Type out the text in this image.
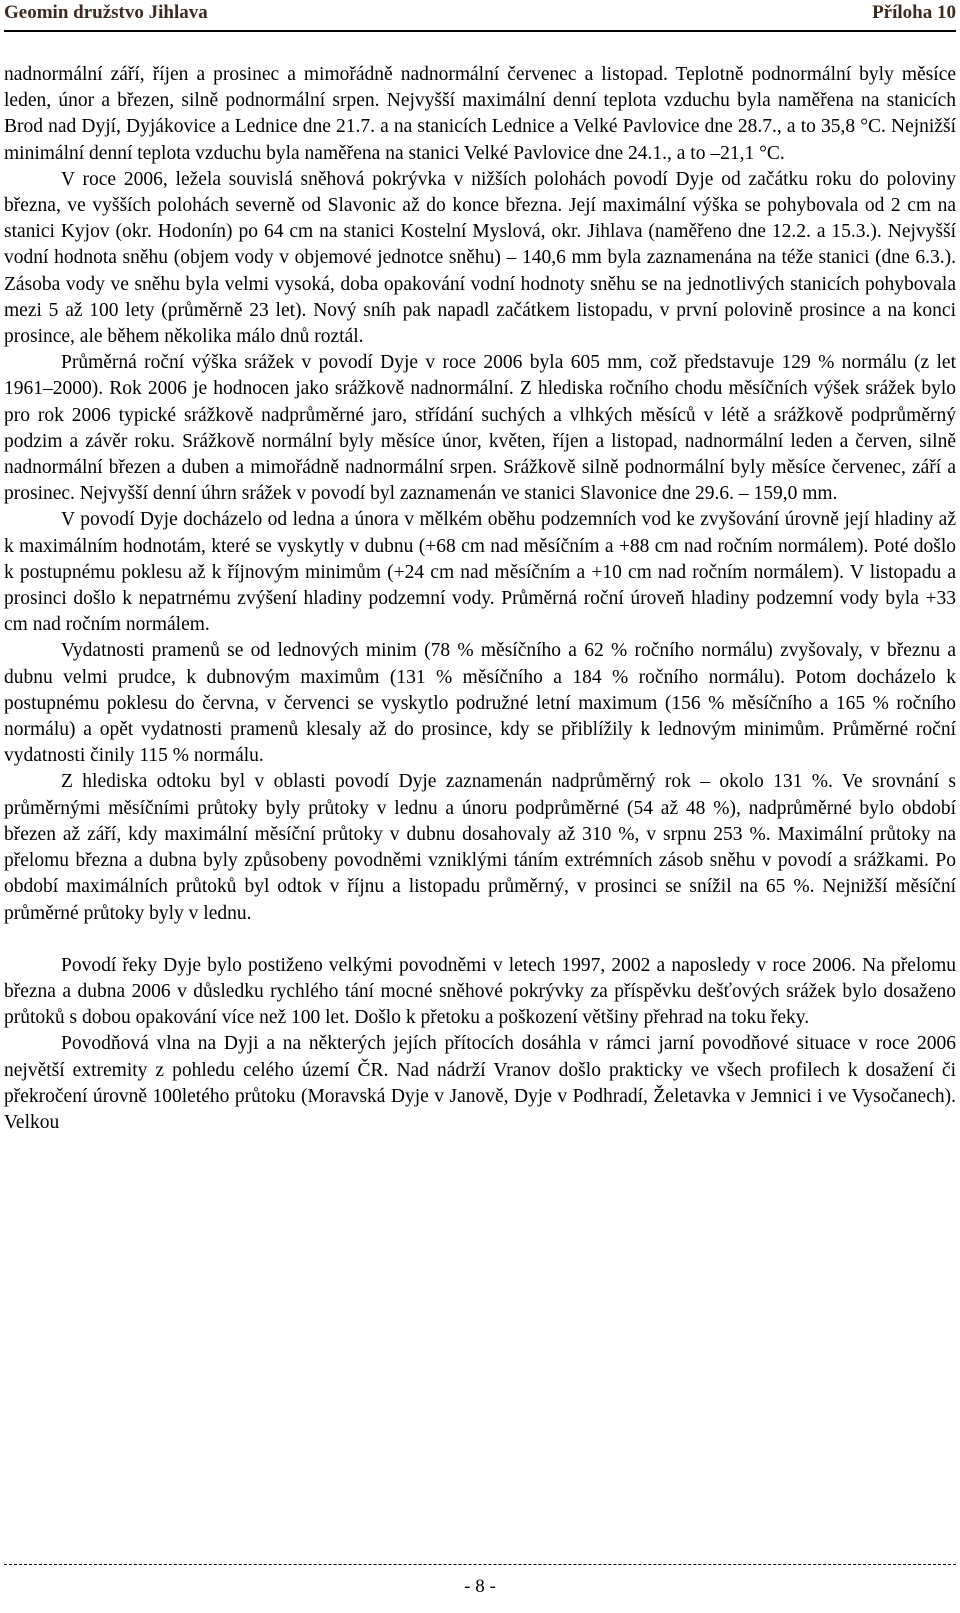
Geomin družstvo Jihlava	Příloha 10

nadnormální září, říjen a prosinec a mimořádně nadnormální červenec a listopad. Teplotně podnormální byly měsíce leden, únor a březen, silně podnormální srpen. Nejvyšší maximální denní teplota vzduchu byla naměřena na stanicích Brod nad Dyjí, Dyjákovice a Lednice dne 21.7. a na stanicích Lednice a Velké Pavlovice dne 28.7., a to 35,8 °C. Nejnižší minimální denní teplota vzduchu byla naměřena na stanici Velké Pavlovice dne 24.1., a to –21,1 °C.

V roce 2006, ležela souvislá sněhová pokrývka v nižších polohách povodí Dyje od začátku roku do poloviny března, ve vyšších polohách severně od Slavonic až do konce března. Její maximální výška se pohybovala od 2 cm na stanici Kyjov (okr. Hodonín) po 64 cm na stanici Kostelní Myslová, okr. Jihlava (naměřeno dne 12.2. a 15.3.). Nejvyšší vodní hodnota sněhu (objem vody v objemové jednotce sněhu) – 140,6 mm byla zaznamenána na téže stanici (dne 6.3.). Zásoba vody ve sněhu byla velmi vysoká, doba opakování vodní hodnoty sněhu se na jednotlivých stanicích pohybovala mezi 5 až 100 lety (průměrně 23 let). Nový sníh pak napadl začátkem listopadu, v první polovině prosince a na konci prosince, ale během několika málo dnů roztál.

Průměrná roční výška srážek v povodí Dyje v roce 2006 byla 605 mm, což představuje 129 % normálu (z let 1961–2000). Rok 2006 je hodnocen jako srážkově nadnormální. Z hlediska ročního chodu měsíčních výšek srážek bylo pro rok 2006 typické srážkově nadprůměrné jaro, střídání suchých a vlhkých měsíců v létě a srážkově podprůměrný podzim a závěr roku. Srážkově normální byly měsíce únor, květen, říjen a listopad, nadnormální leden a červen, silně nadnormální březen a duben a mimořádně nadnormální srpen. Srážkově silně podnormální byly měsíce červenec, září a prosinec. Nejvyšší denní úhrn srážek v povodí byl zaznamenán ve stanici Slavonice dne 29.6. – 159,0 mm.

V povodí Dyje docházelo od ledna a února v mělkém oběhu podzemních vod ke zvyšování úrovně její hladiny až k maximálním hodnotám, které se vyskytly v dubnu (+68 cm nad měsíčním a +88 cm nad ročním normálem). Poté došlo k postupnému poklesu až k říjnovým minimům (+24 cm nad měsíčním a +10 cm nad ročním normálem). V listopadu a prosinci došlo k nepatrnému zvýšení hladiny podzemní vody. Průměrná roční úroveň hladiny podzemní vody byla +33 cm nad ročním normálem.

Vydatnosti pramenů se od lednových minim (78 % měsíčního a 62 % ročního normálu) zvyšovaly, v březnu a dubnu velmi prudce, k dubnovým maximům (131 % měsíčního a 184 % ročního normálu). Potom docházelo k postupnému poklesu do června, v červenci se vyskytlo podružné letní maximum (156 % měsíčního a 165 % ročního normálu) a opět vydatnosti pramenů klesaly až do prosince, kdy se přiblížily k lednovým minimům. Průměrné roční vydatnosti činily 115 % normálu.

Z hlediska odtoku byl v oblasti povodí Dyje zaznamenán nadprůměrný rok – okolo 131 %. Ve srovnání s průměrnými měsíčními průtoky byly průtoky v lednu a únoru podprůměrné (54 až 48 %), nadprůměrné bylo období březen až září, kdy maximální měsíční průtoky v dubnu dosahovaly až 310 %, v srpnu 253 %. Maximální průtoky na přelomu března a dubna byly způsobeny povodněmi vzniklými táním extrémních zásob sněhu v povodí a srážkami. Po období maximálních průtoků byl odtok v říjnu a listopadu průměrný, v prosinci se snížil na 65 %. Nejnižší měsíční průměrné průtoky byly v lednu.

Povodí řeky Dyje bylo postiženo velkými povodněmi v letech 1997, 2002 a naposledy v roce 2006. Na přelomu března a dubna 2006 v důsledku rychlého tání mocné sněhové pokrývky za příspěvku dešťových srážek bylo dosaženo průtoků s dobou opakování více než 100 let. Došlo k přetoku a poškození většiny přehrad na toku řeky.

Povodňová vlna na Dyji a na některých jejích přítocích dosáhla v rámci jarní povodňové situace v roce 2006 největší extremity z pohledu celého území ČR. Nad nádrží Vranov došlo prakticky ve všech profilech k dosažení či překročení úrovně 100letého průtoku (Moravská Dyje v Janově, Dyje v Podhradí, Želetavka v Jemnici i ve Vysočanech). Velkou

- 8 -
